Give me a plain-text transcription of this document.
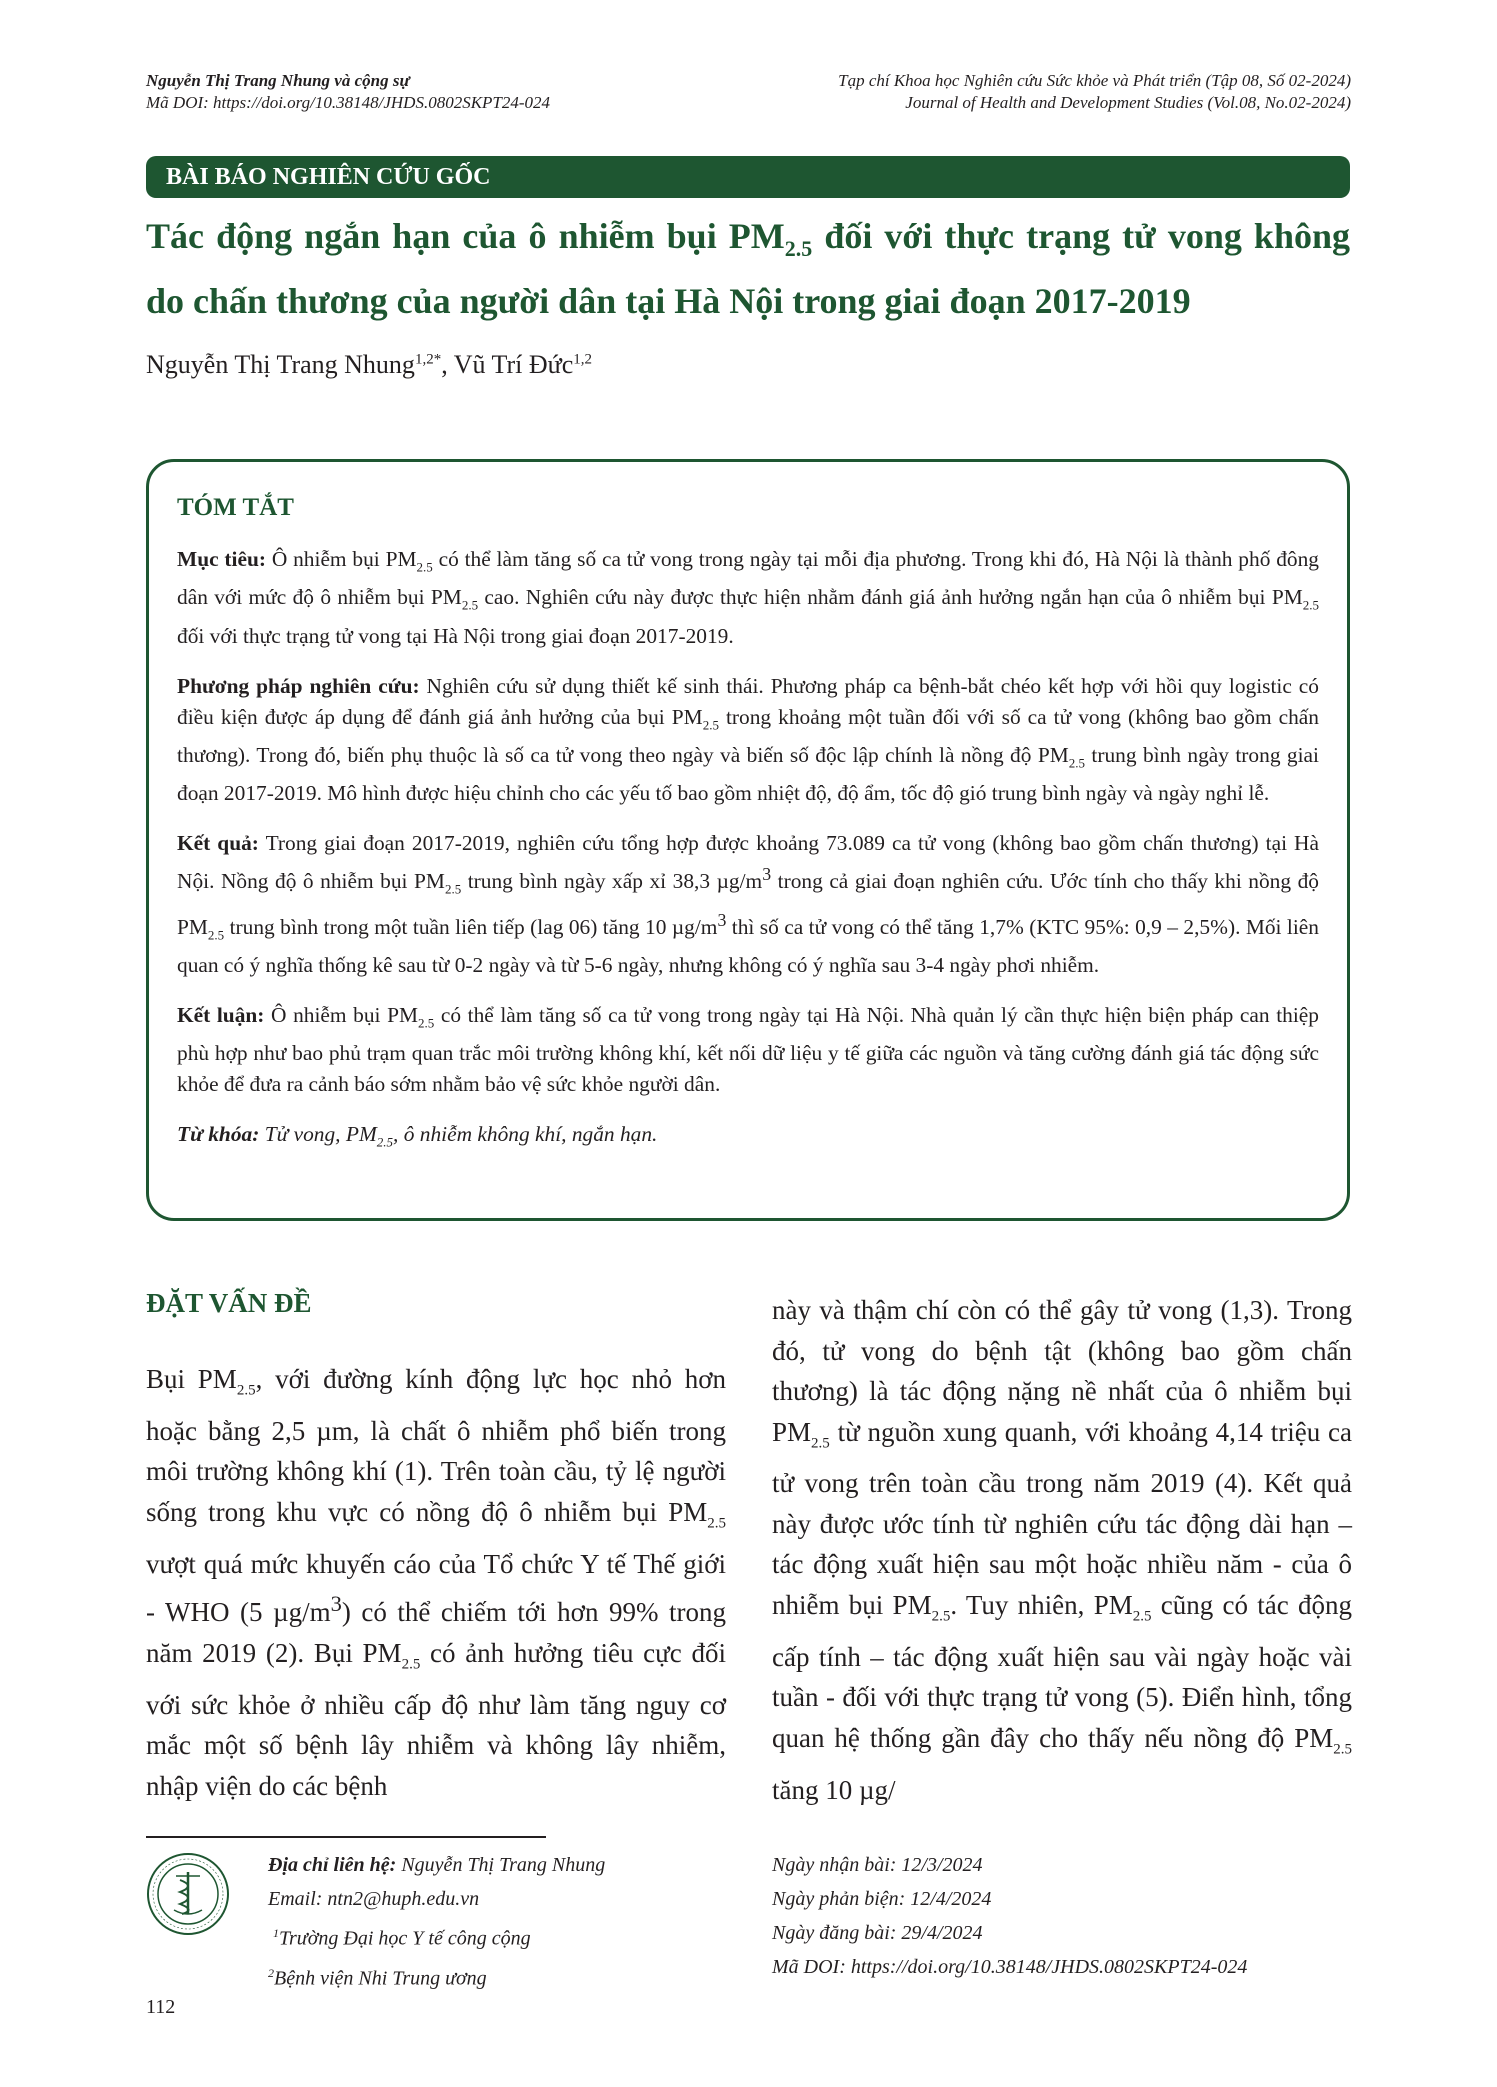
Nguyễn Thị Trang Nhung và cộng sự
Mã DOI: https://doi.org/10.38148/JHDS.0802SKPT24-024
Tạp chí Khoa học Nghiên cứu Sức khỏe và Phát triển (Tập 08, Số 02-2024)
Journal of Health and Development Studies (Vol.08, No.02-2024)
BÀI BÁO NGHIÊN CỨU GỐC
Tác động ngắn hạn của ô nhiễm bụi $PM_{2.5}$ đối với thực trạng tử vong không do chấn thương của người dân tại Hà Nội trong giai đoạn 2017-2019
Nguyễn Thị Trang Nhung$^{1,2*}$, Vũ Trí Đức$^{1,2}$
TÓM TẮT

Mục tiêu: Ô nhiễm bụi $PM_{2.5}$ có thể làm tăng số ca tử vong trong ngày tại mỗi địa phương. Trong khi đó, Hà Nội là thành phố đông dân với mức độ ô nhiễm bụi $PM_{2.5}$ cao. Nghiên cứu này được thực hiện nhằm đánh giá ảnh hưởng ngắn hạn của ô nhiễm bụi $PM_{2.5}$ đối với thực trạng tử vong tại Hà Nội trong giai đoạn 2017-2019.

Phương pháp nghiên cứu: Nghiên cứu sử dụng thiết kế sinh thái. Phương pháp ca bệnh-bắt chéo kết hợp với hồi quy logistic có điều kiện được áp dụng để đánh giá ảnh hưởng của bụi $PM_{2.5}$ trong khoảng một tuần đối với số ca tử vong (không bao gồm chấn thương). Trong đó, biến phụ thuộc là số ca tử vong theo ngày và biến số độc lập chính là nồng độ $PM_{2.5}$ trung bình ngày trong giai đoạn 2017-2019. Mô hình được hiệu chỉnh cho các yếu tố bao gồm nhiệt độ, độ ẩm, tốc độ gió trung bình ngày và ngày nghỉ lễ.

Kết quả: Trong giai đoạn 2017-2019, nghiên cứu tổng hợp được khoảng 73.089 ca tử vong (không bao gồm chấn thương) tại Hà Nội. Nồng độ ô nhiễm bụi $PM_{2.5}$ trung bình ngày xấp xỉ 38,3 $\mu g/m^3$ trong cả giai đoạn nghiên cứu. Ước tính cho thấy khi nồng độ $PM_{2.5}$ trung bình trong một tuần liên tiếp (lag 06) tăng 10 $\mu g/m^3$ thì số ca tử vong có thể tăng 1,7% (KTC 95%: 0,9 – 2,5%). Mối liên quan có ý nghĩa thống kê sau từ 0-2 ngày và từ 5-6 ngày, nhưng không có ý nghĩa sau 3-4 ngày phơi nhiễm.

Kết luận: Ô nhiễm bụi $PM_{2.5}$ có thể làm tăng số ca tử vong trong ngày tại Hà Nội. Nhà quản lý cần thực hiện biện pháp can thiệp phù hợp như bao phủ trạm quan trắc môi trường không khí, kết nối dữ liệu y tế giữa các nguồn và tăng cường đánh giá tác động sức khỏe để đưa ra cảnh báo sớm nhằm bảo vệ sức khỏe người dân.

Từ khóa: Tử vong, $PM_{2.5}$, ô nhiễm không khí, ngắn hạn.

ĐẶT VẤN ĐỀ

Bụi $PM_{2.5}$, với đường kính động lực học nhỏ hơn hoặc bằng 2,5 µm, là chất ô nhiễm phổ biến trong môi trường không khí (1). Trên toàn cầu, tỷ lệ người sống trong khu vực có nồng độ ô nhiễm bụi $PM_{2.5}$ vượt quá mức khuyến cáo của Tổ chức Y tế Thế giới - WHO (5 $\mu g/m^3$) có thể chiếm tới hơn 99% trong năm 2019 (2). Bụi $PM_{2.5}$ có ảnh hưởng tiêu cực đối với sức khỏe ở nhiều cấp độ như làm tăng nguy cơ mắc một số bệnh lây nhiễm và không lây nhiễm, nhập viện do các bệnh

này và thậm chí còn có thể gây tử vong (1,3). Trong đó, tử vong do bệnh tật (không bao gồm chấn thương) là tác động nặng nề nhất của ô nhiễm bụi $PM_{2.5}$ từ nguồn xung quanh, với khoảng 4,14 triệu ca tử vong trên toàn cầu trong năm 2019 (4). Kết quả này được ước tính từ nghiên cứu tác động dài hạn – tác động xuất hiện sau một hoặc nhiều năm - của ô nhiễm bụi $PM_{2.5}$. Tuy nhiên, $PM_{2.5}$ cũng có tác động cấp tính – tác động xuất hiện sau vài ngày hoặc vài tuần - đối với thực trạng tử vong (5). Điển hình, tổng quan hệ thống gần đây cho thấy nếu nồng độ $PM_{2.5}$ tăng 10 µg/

Địa chỉ liên hệ: Nguyễn Thị Trang Nhung
Email: ntn2@huph.edu.vn
$^1$Trường Đại học Y tế công cộng
$^2$Bệnh viện Nhi Trung ương
Ngày nhận bài: 12/3/2024
Ngày phản biện: 12/4/2024
Ngày đăng bài: 29/4/2024
Mã DOI: https://doi.org/10.38148/JHDS.0802SKPT24-024
112
